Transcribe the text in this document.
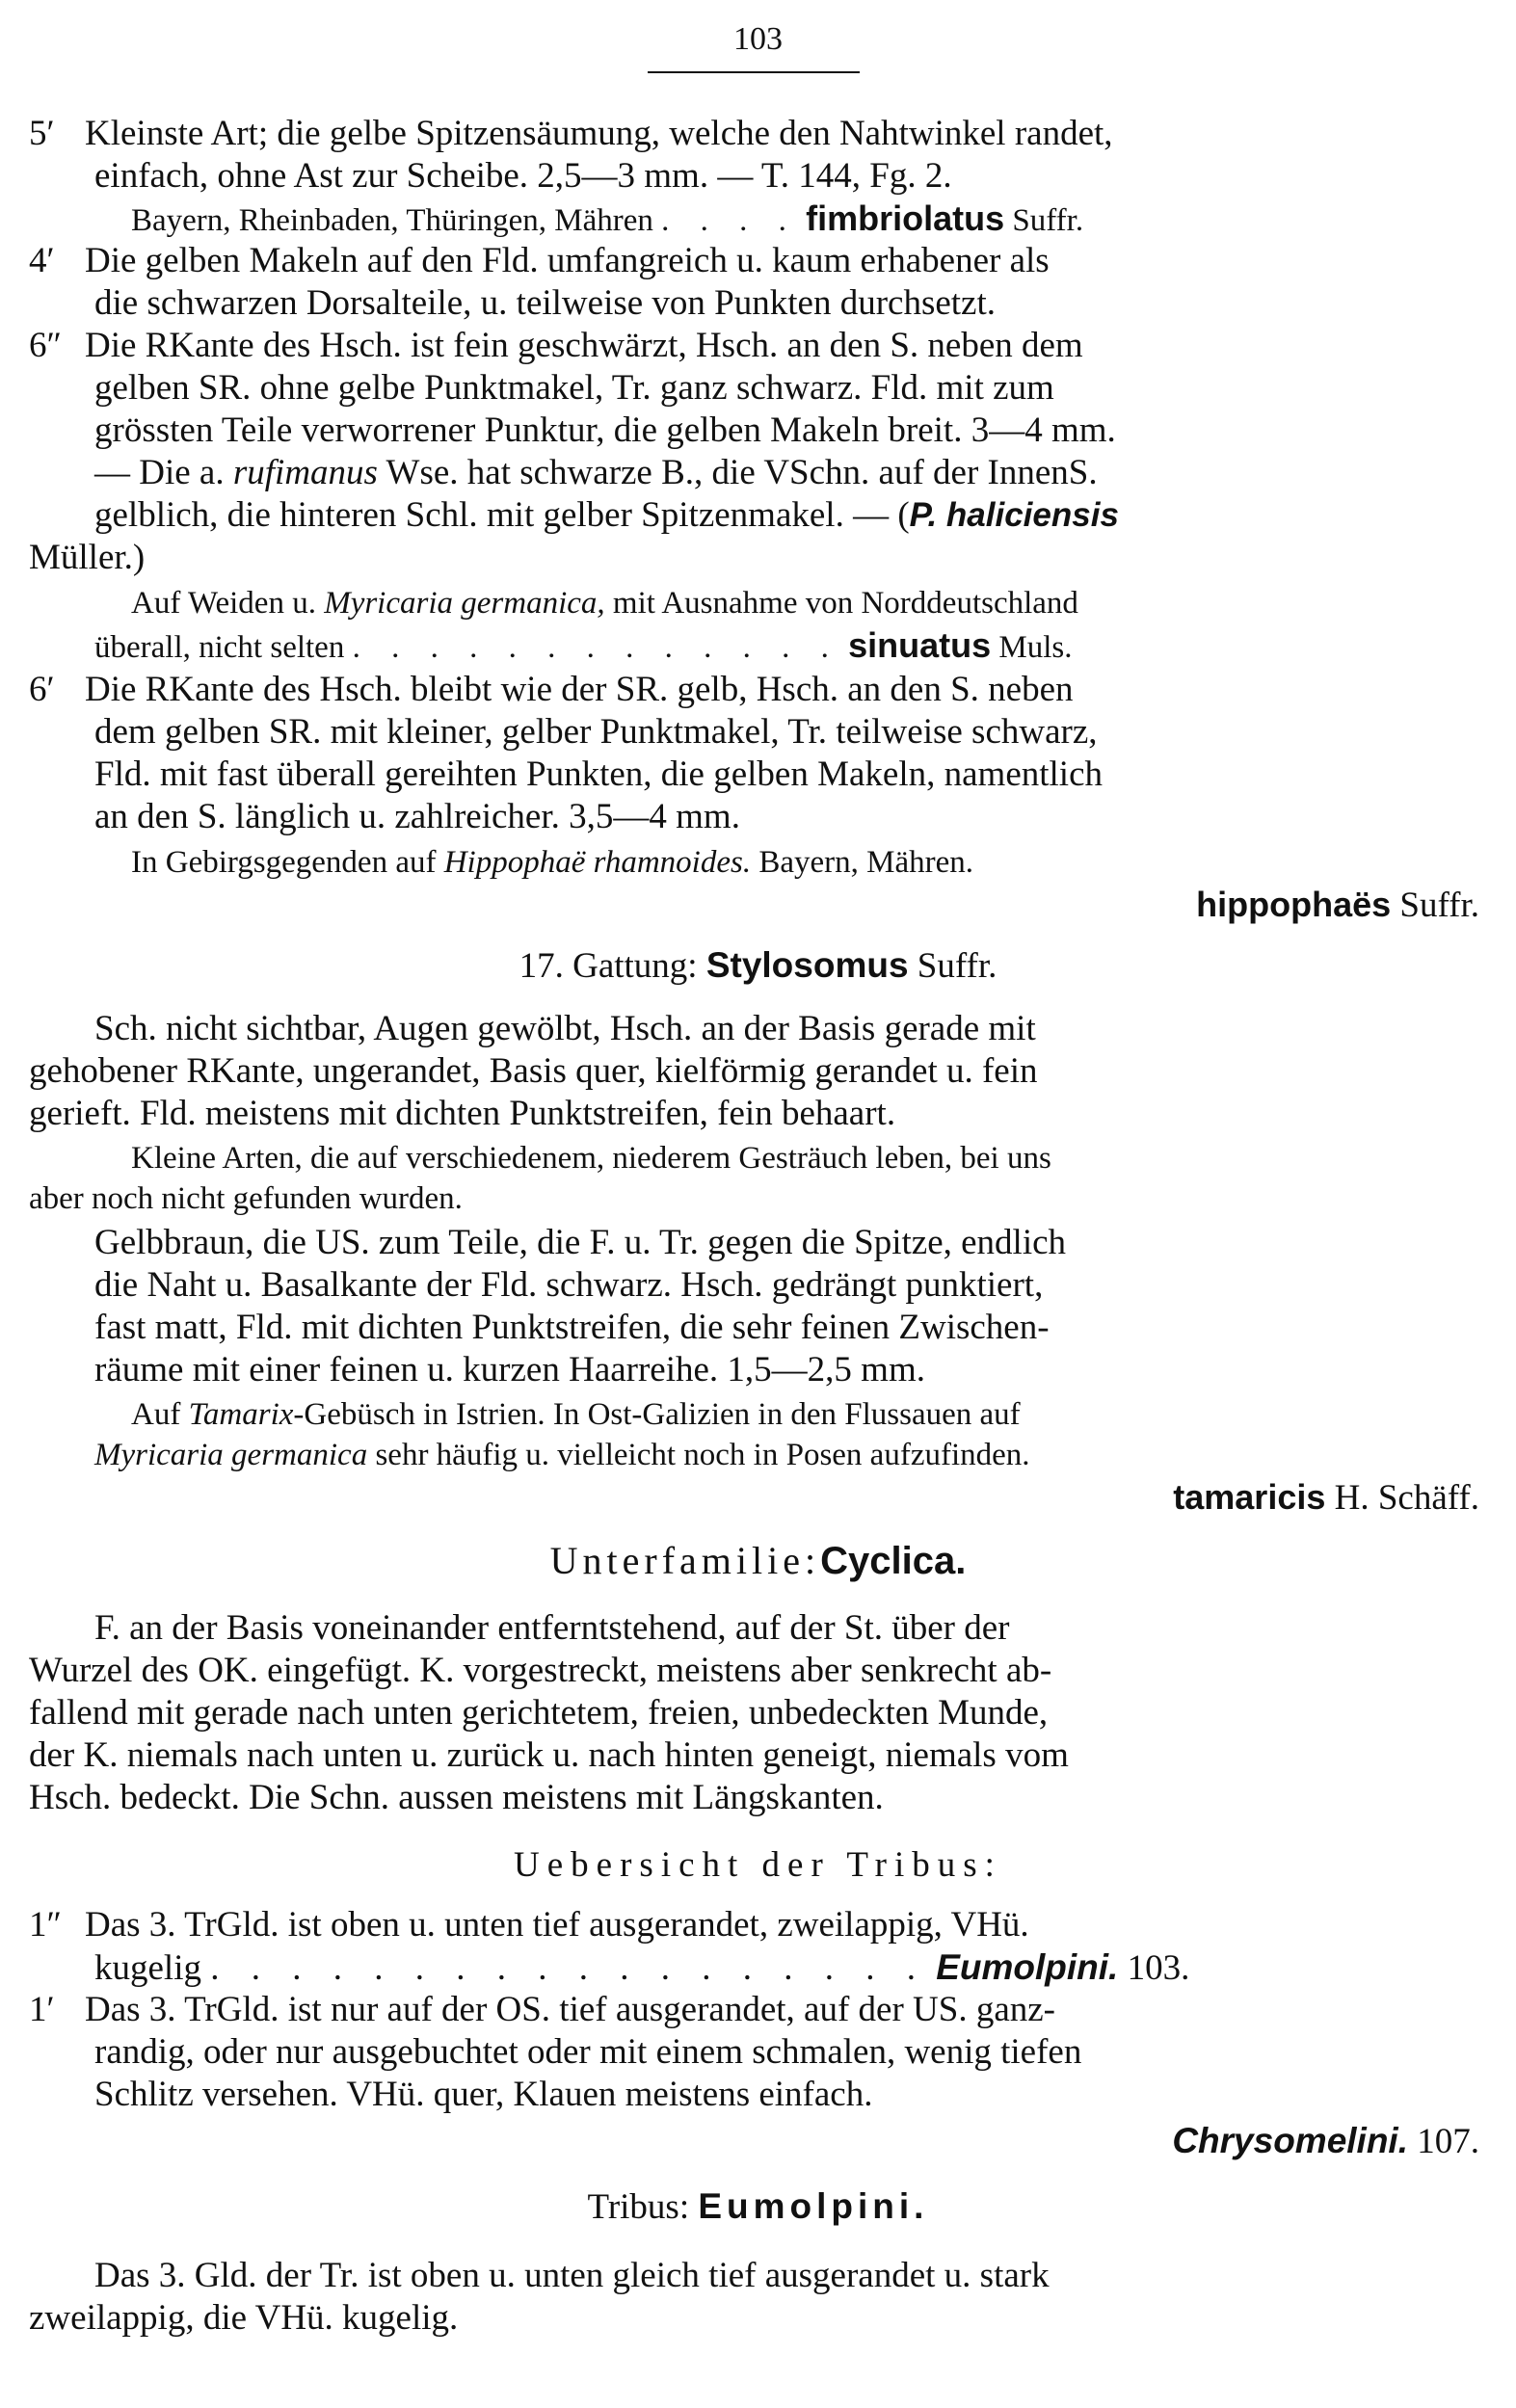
103
5′ Kleinste Art; die gelbe Spitzensäumung, welche den Nahtwinkel randet,
einfach, ohne Ast zur Scheibe. 2,5—3 mm. — T. 144, Fg. 2.
Bayern, Rheinbaden, Thüringen, Mähren . . . . fimbriolatus Suffr.
4′ Die gelben Makeln auf den Fld. umfangreich u. kaum erhabener als
die schwarzen Dorsalteile, u. teilweise von Punkten durchsetzt.
6″ Die RKante des Hsch. ist fein geschwärzt, Hsch. an den S. neben dem
gelben SR. ohne gelbe Punktmakel, Tr. ganz schwarz. Fld. mit zum
grössten Teile verworrener Punktur, die gelben Makeln breit. 3—4 mm.
— Die a. rufimanus Wse. hat schwarze B., die VSchn. auf der InnenS.
gelblich, die hinteren Schl. mit gelber Spitzenmakel. — (P. haliciensis
Müller.)
Auf Weiden u. Myricaria germanica, mit Ausnahme von Norddeutschland
überall, nicht selten . . . . . . . . . . . . . sinuatus Muls.
6′ Die RKante des Hsch. bleibt wie der SR. gelb, Hsch. an den S. neben
dem gelben SR. mit kleiner, gelber Punktmakel, Tr. teilweise schwarz,
Fld. mit fast überall gereihten Punkten, die gelben Makeln, namentlich
an den S. länglich u. zahlreicher. 3,5—4 mm.
In Gebirgsgegenden auf Hippophaë rhamnoides. Bayern, Mähren.
hippophaës Suffr.
17. Gattung: Stylosomus Suffr.
Sch. nicht sichtbar, Augen gewölbt, Hsch. an der Basis gerade mit
gehobener RKante, ungerandet, Basis quer, kielförmig gerandet u. fein
gerieft. Fld. meistens mit dichten Punktstreifen, fein behaart.
Kleine Arten, die auf verschiedenem, niederem Gesträuch leben, bei uns
aber noch nicht gefunden wurden.
Gelbbraun, die US. zum Teile, die F. u. Tr. gegen die Spitze, endlich
die Naht u. Basalkante der Fld. schwarz. Hsch. gedrängt punktiert,
fast matt, Fld. mit dichten Punktstreifen, die sehr feinen Zwischen-
räume mit einer feinen u. kurzen Haarreihe. 1,5—2,5 mm.
Auf Tamarix-Gebüsch in Istrien. In Ost-Galizien in den Flussauen auf
Myricaria germanica sehr häufig u. vielleicht noch in Posen aufzufinden.
tamaricis H. Schäff.
Unterfamilie:Cyclica.
F. an der Basis voneinander entferntstehend, auf der St. über der
Wurzel des OK. eingefügt. K. vorgestreckt, meistens aber senkrecht ab-
fallend mit gerade nach unten gerichtetem, freien, unbedeckten Munde,
der K. niemals nach unten u. zurück u. nach hinten geneigt, niemals vom
Hsch. bedeckt. Die Schn. aussen meistens mit Längskanten.
Uebersicht der Tribus:
1″ Das 3. TrGld. ist oben u. unten tief ausgerandet, zweilappig, VHü.
kugelig . . . . . . . . . . . . . . . . . . Eumolpini. 103.
1′ Das 3. TrGld. ist nur auf der OS. tief ausgerandet, auf der US. ganz-
randig, oder nur ausgebuchtet oder mit einem schmalen, wenig tiefen
Schlitz versehen. VHü. quer, Klauen meistens einfach.
Chrysomelini. 107.
Tribus: Eumolpini.
Das 3. Gld. der Tr. ist oben u. unten gleich tief ausgerandet u. stark
zweilappig, die VHü. kugelig.
